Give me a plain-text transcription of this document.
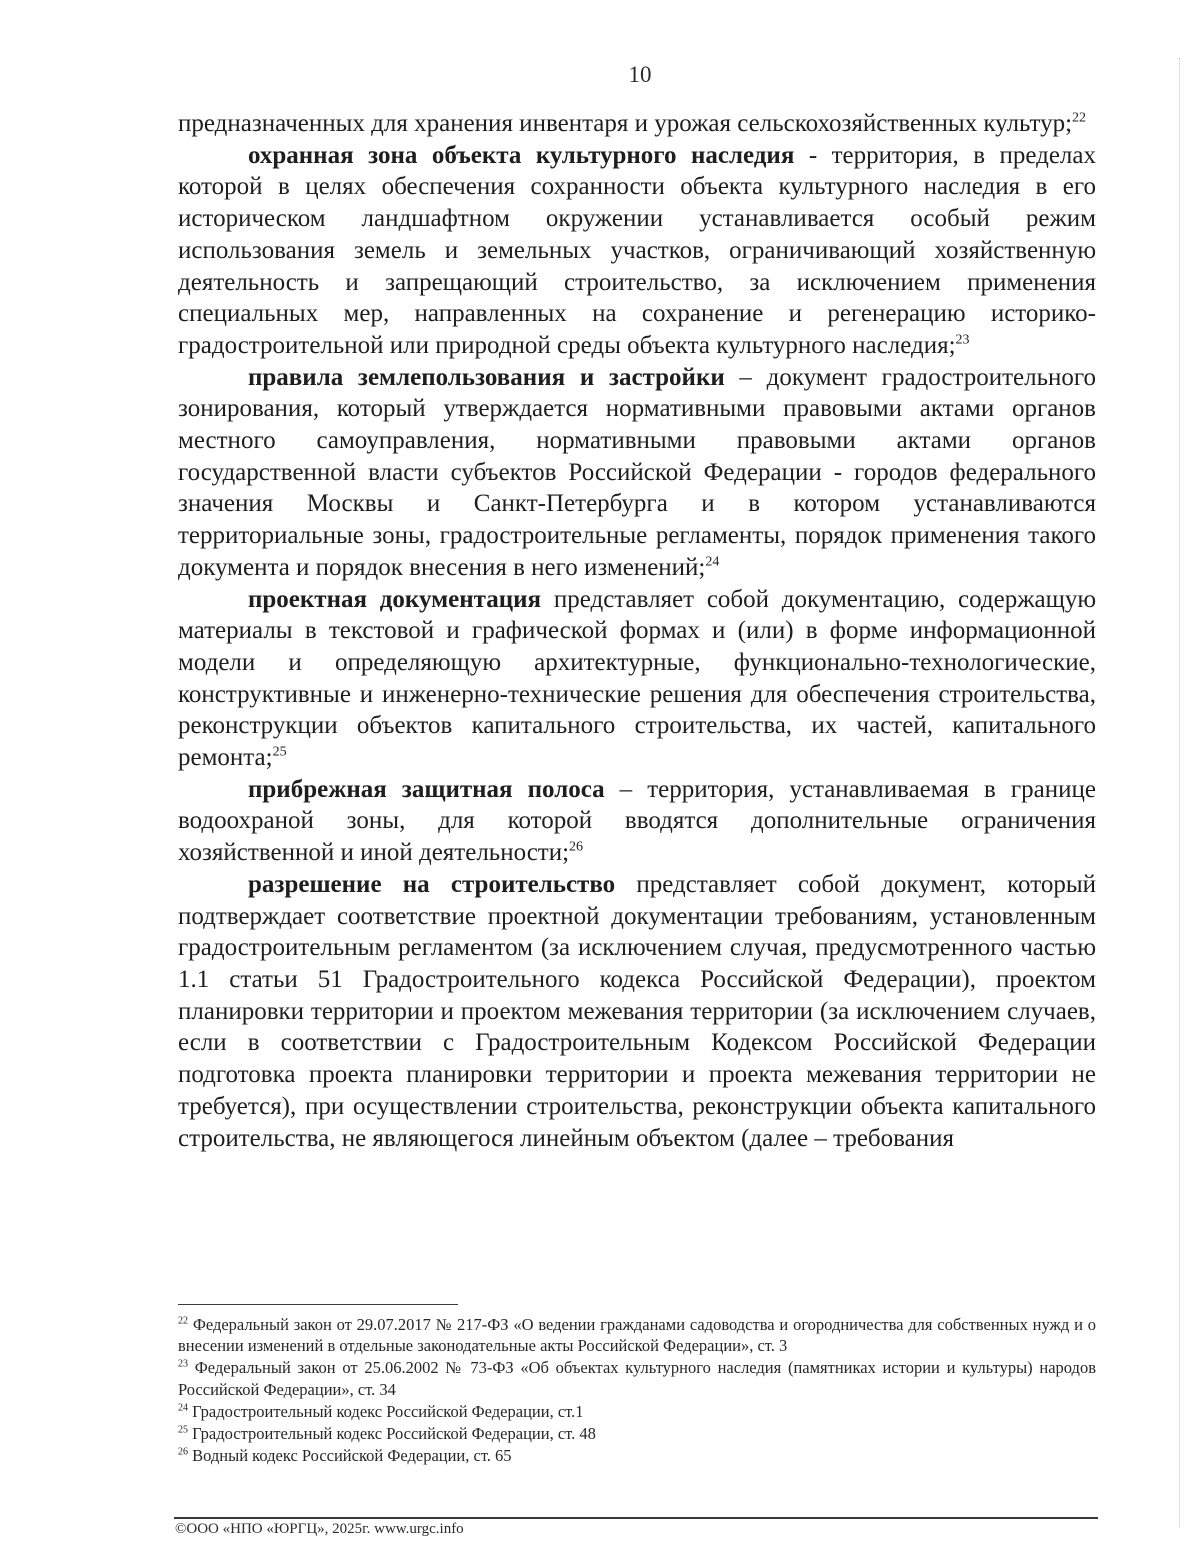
10

предназначенных для хранения инвентаря и урожая сельскохозяйственных культур;$^{22}$

охранная зона объекта культурного наследия - территория, в пределах которой в целях обеспечения сохранности объекта культурного наследия в его историческом ландшафтном окружении устанавливается особый режим использования земель и земельных участков, ограничивающий хозяйственную деятельность и запрещающий строительство, за исключением применения специальных мер, направленных на сохранение и регенерацию историко-градостроительной или природной среды объекта культурного наследия;$^{23}$

правила землепользования и застройки – документ градостроительного зонирования, который утверждается нормативными правовыми актами органов местного самоуправления, нормативными правовыми актами органов государственной власти субъектов Российской Федерации - городов федерального значения Москвы и Санкт-Петербурга и в котором устанавливаются территориальные зоны, градостроительные регламенты, порядок применения такого документа и порядок внесения в него изменений;$^{24}$

проектная документация представляет собой документацию, содержащую материалы в текстовой и графической формах и (или) в форме информационной модели и определяющую архитектурные, функционально-технологические, конструктивные и инженерно-технические решения для обеспечения строительства, реконструкции объектов капитального строительства, их частей, капитального ремонта;$^{25}$

прибрежная защитная полоса – территория, устанавливаемая в границе водоохраной зоны, для которой вводятся дополнительные ограничения хозяйственной и иной деятельности;$^{26}$

разрешение на строительство представляет собой документ, который подтверждает соответствие проектной документации требованиям, установленным градостроительным регламентом (за исключением случая, предусмотренного частью 1.1 статьи 51 Градостроительного кодекса Российской Федерации), проектом планировки территории и проектом межевания территории (за исключением случаев, если в соответствии с Градостроительным Кодексом Российской Федерации подготовка проекта планировки территории и проекта межевания территории не требуется), при осуществлении строительства, реконструкции объекта капитального строительства, не являющегося линейным объектом (далее – требования

$^{22}$ Федеральный закон от 29.07.2017 № 217-ФЗ «О ведении гражданами садоводства и огородничества для собственных нужд и о внесении изменений в отдельные законодательные акты Российской Федерации», ст. 3

$^{23}$ Федеральный закон от 25.06.2002 № 73-ФЗ «Об объектах культурного наследия (памятниках истории и культуры) народов Российской Федерации», ст. 34

$^{24}$ Градостроительный кодекс Российской Федерации, ст.1

$^{25}$ Градостроительный кодекс Российской Федерации, ст. 48

$^{26}$ Водный кодекс Российской Федерации, ст. 65

©ООО «НПО «ЮРГЦ», 2025г. www.urgc.info
